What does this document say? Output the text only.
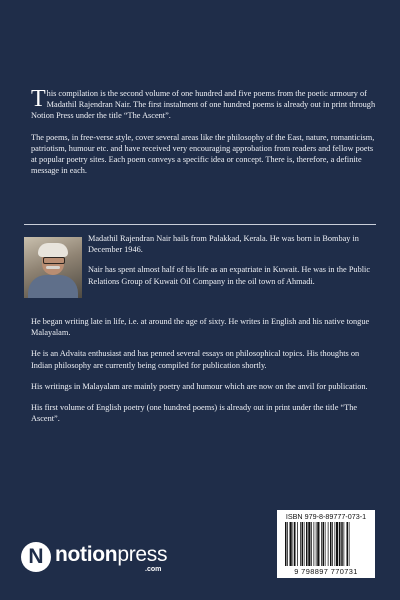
This compilation is the second volume of one hundred and five poems from the poetic armoury of Madathil Rajendran Nair. The first instalment of one hundred poems is already out in print through Notion Press under the title “The Ascent”.

The poems, in free-verse style, cover several areas like the philosophy of the East, nature, romanticism, patriotism, humour etc. and have received very encouraging approbation from readers and fellow poets at popular poetry sites. Each poem conveys a specific idea or concept. There is, therefore, a definite message in each.

Madathil Rajendran Nair hails from Palakkad, Kerala. He was born in Bombay in December 1946.

Nair has spent almost half of his life as an expatriate in Kuwait. He was in the Public Relations Group of Kuwait Oil Company in the oil town of Ahmadi.

He began writing late in life, i.e. at around the age of sixty. He writes in English and his native tongue Malayalam.

He is an Advaita enthusiast and has penned several essays on philosophical topics. His thoughts on Indian philosophy are currently being compiled for publication shortly.

His writings in Malayalam are mainly poetry and humour which are now on the anvil for publication.

His first volume of English poetry (one hundred poems) is already out in print under the title “The Ascent”.

N notionpress
.com
ISBN 979-8-89777-073-1
9 798897 770731
